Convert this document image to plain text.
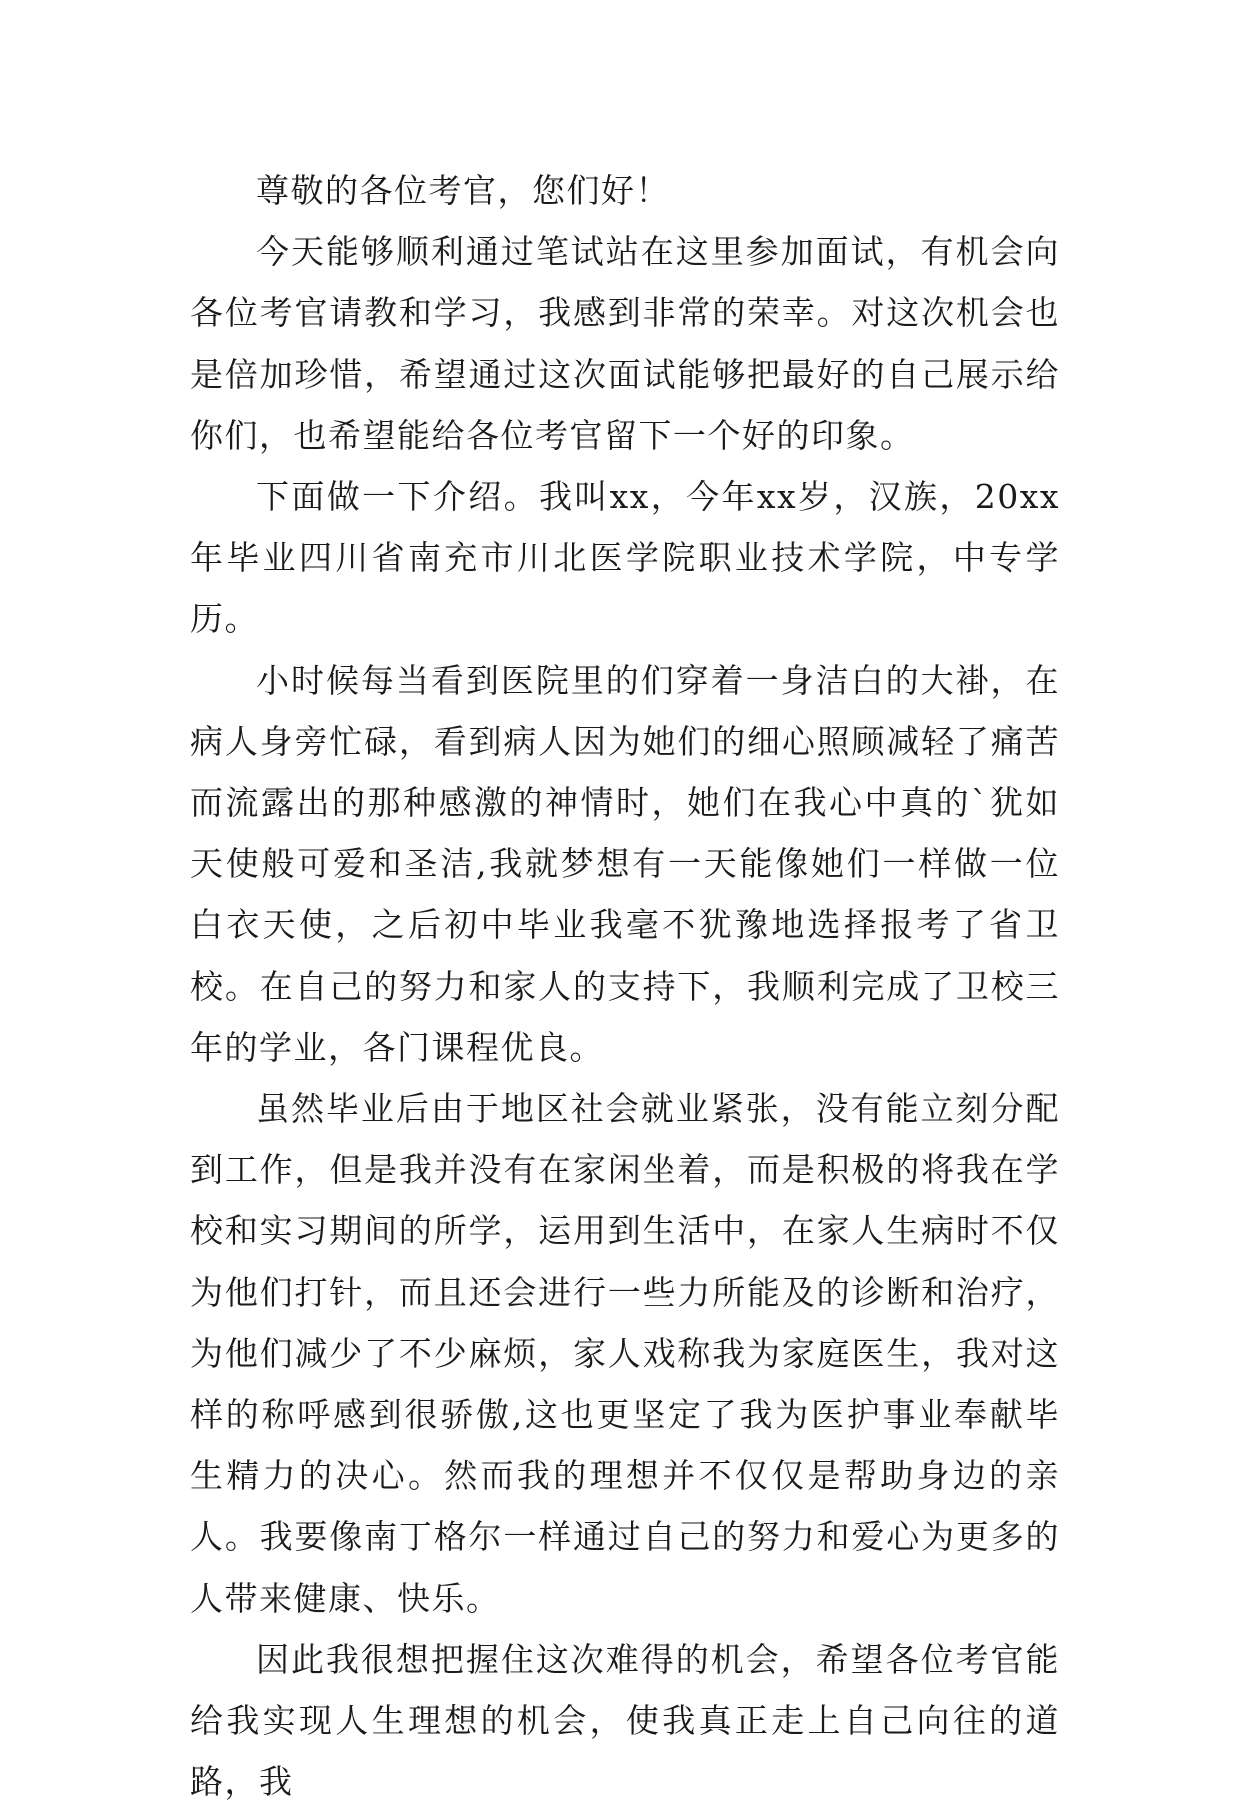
尊敬的各位考官，您们好！

今天能够顺利通过笔试站在这里参加面试，有机会向各位考官请教和学习，我感到非常的荣幸。对这次机会也是倍加珍惜，希望通过这次面试能够把最好的自己展示给你们，也希望能给各位考官留下一个好的印象。

下面做一下介绍。我叫xx，今年xx岁，汉族，20xx年毕业四川省南充市川北医学院职业技术学院，中专学历。

小时候每当看到医院里的们穿着一身洁白的大褂，在病人身旁忙碌，看到病人因为她们的细心照顾减轻了痛苦而流露出的那种感激的神情时，她们在我心中真的`犹如天使般可爱和圣洁,我就梦想有一天能像她们一样做一位白衣天使，之后初中毕业我毫不犹豫地选择报考了省卫校。在自己的努力和家人的支持下，我顺利完成了卫校三年的学业，各门课程优良。

虽然毕业后由于地区社会就业紧张，没有能立刻分配到工作，但是我并没有在家闲坐着，而是积极的将我在学校和实习期间的所学，运用到生活中，在家人生病时不仅为他们打针，而且还会进行一些力所能及的诊断和治疗，为他们减少了不少麻烦，家人戏称我为家庭医生，我对这样的称呼感到很骄傲,这也更坚定了我为医护事业奉献毕生精力的决心。然而我的理想并不仅仅是帮助身边的亲人。我要像南丁格尔一样通过自己的努力和爱心为更多的人带来健康、快乐。

因此我很想把握住这次难得的机会，希望各位考官能给我实现人生理想的机会，使我真正走上自己向往的道路，我
